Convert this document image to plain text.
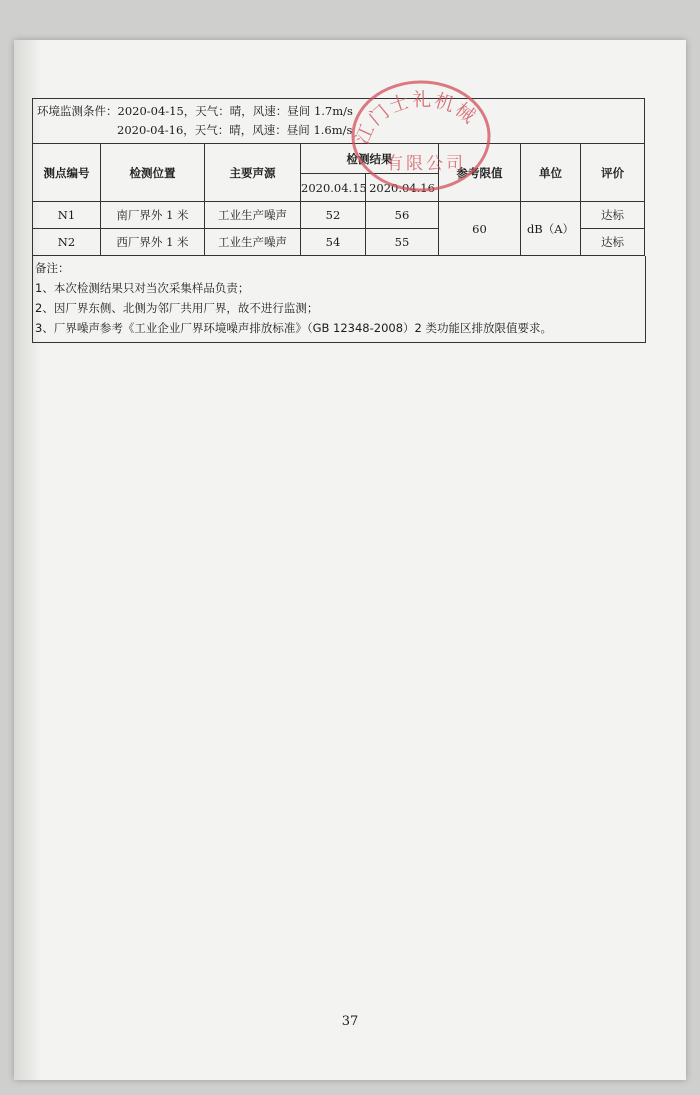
环境监测条件：2020-04-15，天气：晴，风速：昼间 1.7m/s
2020-04-16，天气：晴，风速：昼间 1.6m/s							

测点编号	检测位置	主要声源	检测结果		参考限值	单位	评价
			2020.04.15	2020.04.16			
N1	南厂界外 1 米	工业生产噪声	52	56	60	dB（A）	达标
N2	西厂界外 1 米	工业生产噪声	54	55			达标
备注：
1、本次检测结果只对当次采集样品负责；
2、因厂界东侧、北侧为邻厂共用厂界，故不进行监测；
3、厂界噪声参考《工业企业厂界环境噪声排放标准》（GB 12348-2008）2 类功能区排放限值要求。
江门士礼机械
有限公司
37
